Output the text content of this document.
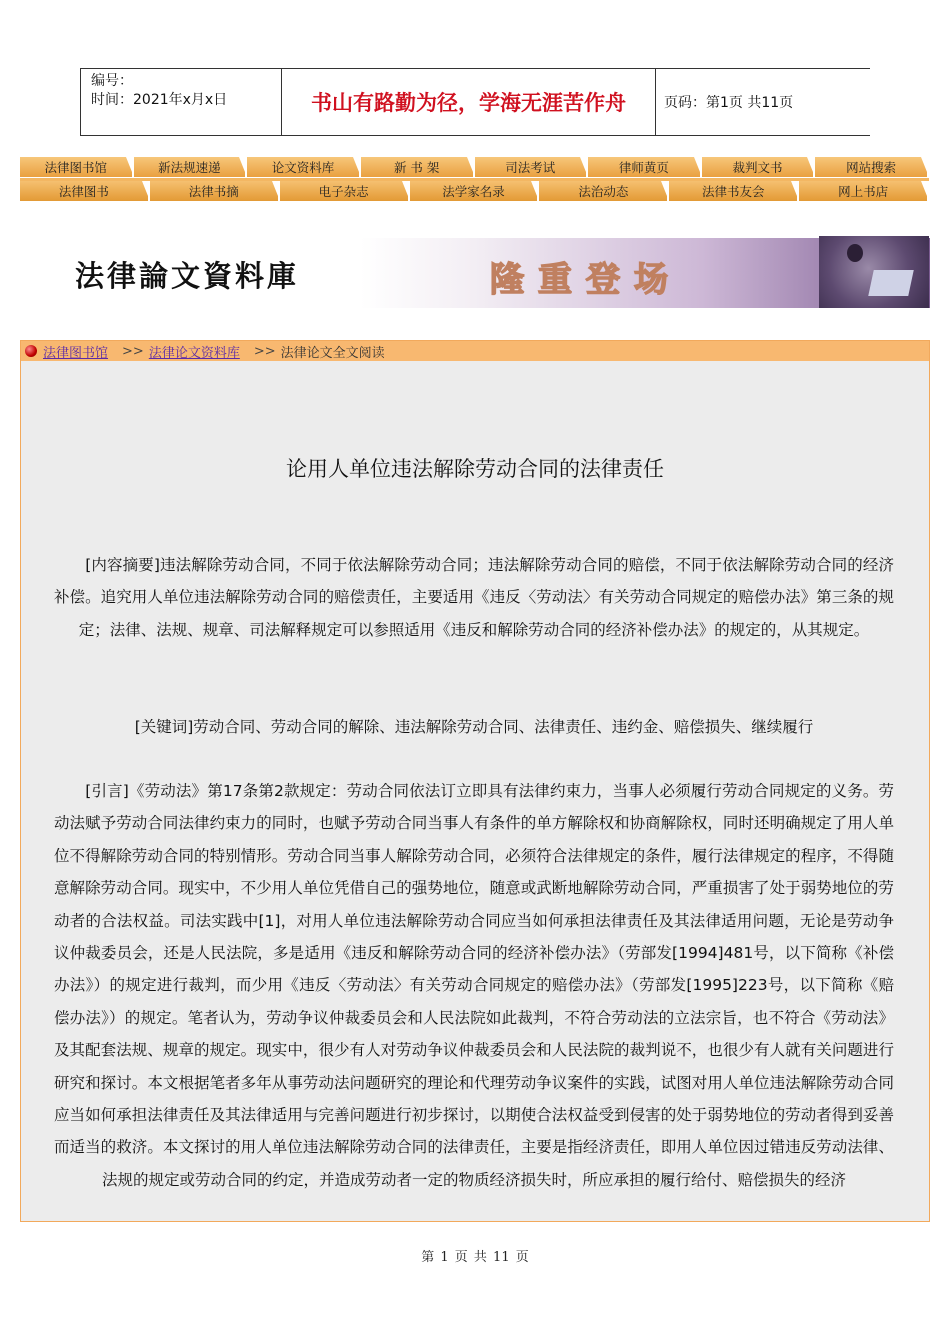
编号：
时间：2021年x月x日	书山有路勤为径，学海无涯苦作舟	页码：第1页 共11页
法律图书馆	新法规速递	论文资料库	新 书 架	司法考试	律师黄页	裁判文书	网站搜索
法律图书	法律书摘	电子杂志	法学家名录	法治动态	法律书友会	网上书店
法律論文資料庫	隆重登场
法律图书馆 >> 法律论文资料库 >> 法律论文全文阅读
论用人单位违法解除劳动合同的法律责任
　　[内容摘要]违法解除劳动合同，不同于依法解除劳动合同；违法解除劳动合同的赔偿，不同于依法解除劳动合同的经济补偿。追究用人单位违法解除劳动合同的赔偿责任，主要适用《违反〈劳动法〉有关劳动合同规定的赔偿办法》第三条的规定；法律、法规、规章、司法解释规定可以参照适用《违反和解除劳动合同的经济补偿办法》的规定的，从其规定。
[关键词]劳动合同、劳动合同的解除、违法解除劳动合同、法律责任、违约金、赔偿损失、继续履行
　　[引言]《劳动法》第17条第2款规定：劳动合同依法订立即具有法律约束力，当事人必须履行劳动合同规定的义务。劳动法赋予劳动合同法律约束力的同时，也赋予劳动合同当事人有条件的单方解除权和协商解除权，同时还明确规定了用人单位不得解除劳动合同的特别情形。劳动合同当事人解除劳动合同，必须符合法律规定的条件，履行法律规定的程序，不得随意解除劳动合同。现实中，不少用人单位凭借自己的强势地位，随意或武断地解除劳动合同，严重损害了处于弱势地位的劳动者的合法权益。司法实践中[1]，对用人单位违法解除劳动合同应当如何承担法律责任及其法律适用问题，无论是劳动争议仲裁委员会，还是人民法院，多是适用《违反和解除劳动合同的经济补偿办法》（劳部发[1994]481号，以下简称《补偿办法》）的规定进行裁判，而少用《违反〈劳动法〉有关劳动合同规定的赔偿办法》（劳部发[1995]223号，以下简称《赔偿办法》）的规定。笔者认为，劳动争议仲裁委员会和人民法院如此裁判，不符合劳动法的立法宗旨，也不符合《劳动法》及其配套法规、规章的规定。现实中，很少有人对劳动争议仲裁委员会和人民法院的裁判说不，也很少有人就有关问题进行研究和探讨。本文根据笔者多年从事劳动法问题研究的理论和代理劳动争议案件的实践，试图对用人单位违法解除劳动合同应当如何承担法律责任及其法律适用与完善问题进行初步探讨，以期使合法权益受到侵害的处于弱势地位的劳动者得到妥善而适当的救济。本文探讨的用人单位违法解除劳动合同的法律责任，主要是指经济责任，即用人单位因过错违反劳动法律、法规的规定或劳动合同的约定，并造成劳动者一定的物质经济损失时，所应承担的履行给付、赔偿损失的经济
第 1 页 共 11 页
